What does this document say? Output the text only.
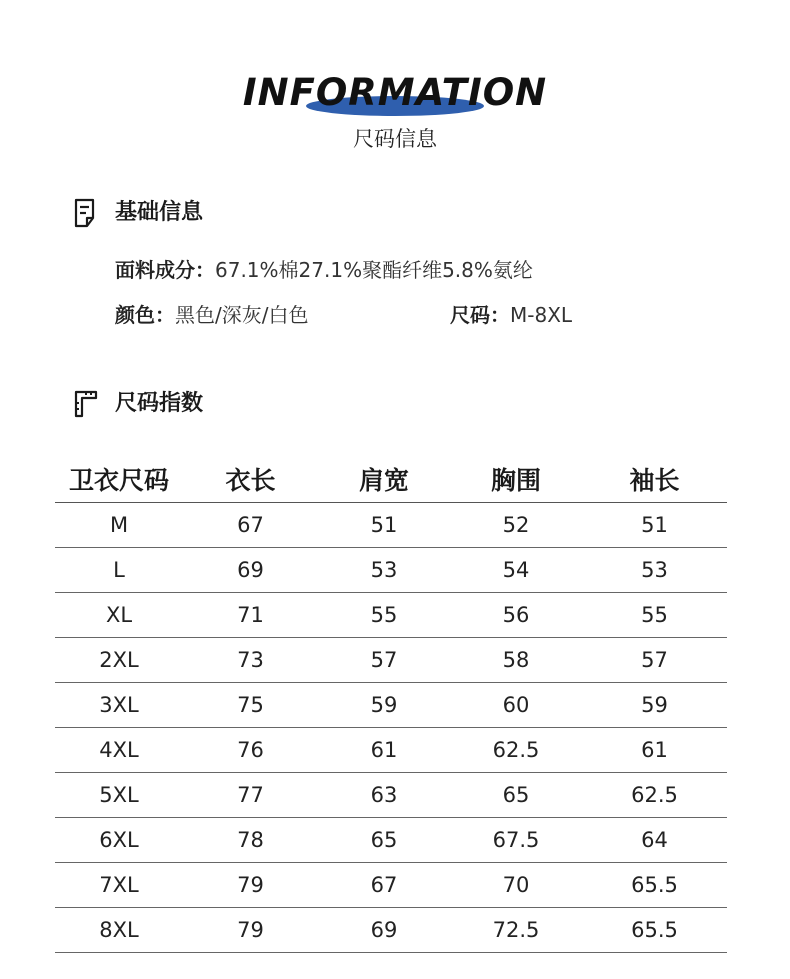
INFORMATION
尺码信息
基础信息
面料成分：67.1%棉27.1%聚酯纤维5.8%氨纶
颜色：黑色/深灰/白色	尺码：M-8XL
尺码指数
卫衣尺码	衣长	肩宽	胸围	袖长
M	67	51	52	51
L	69	53	54	53
XL	71	55	56	55
2XL	73	57	58	57
3XL	75	59	60	59
4XL	76	61	62.5	61
5XL	77	63	65	62.5
6XL	78	65	67.5	64
7XL	79	67	70	65.5
8XL	79	69	72.5	65.5
